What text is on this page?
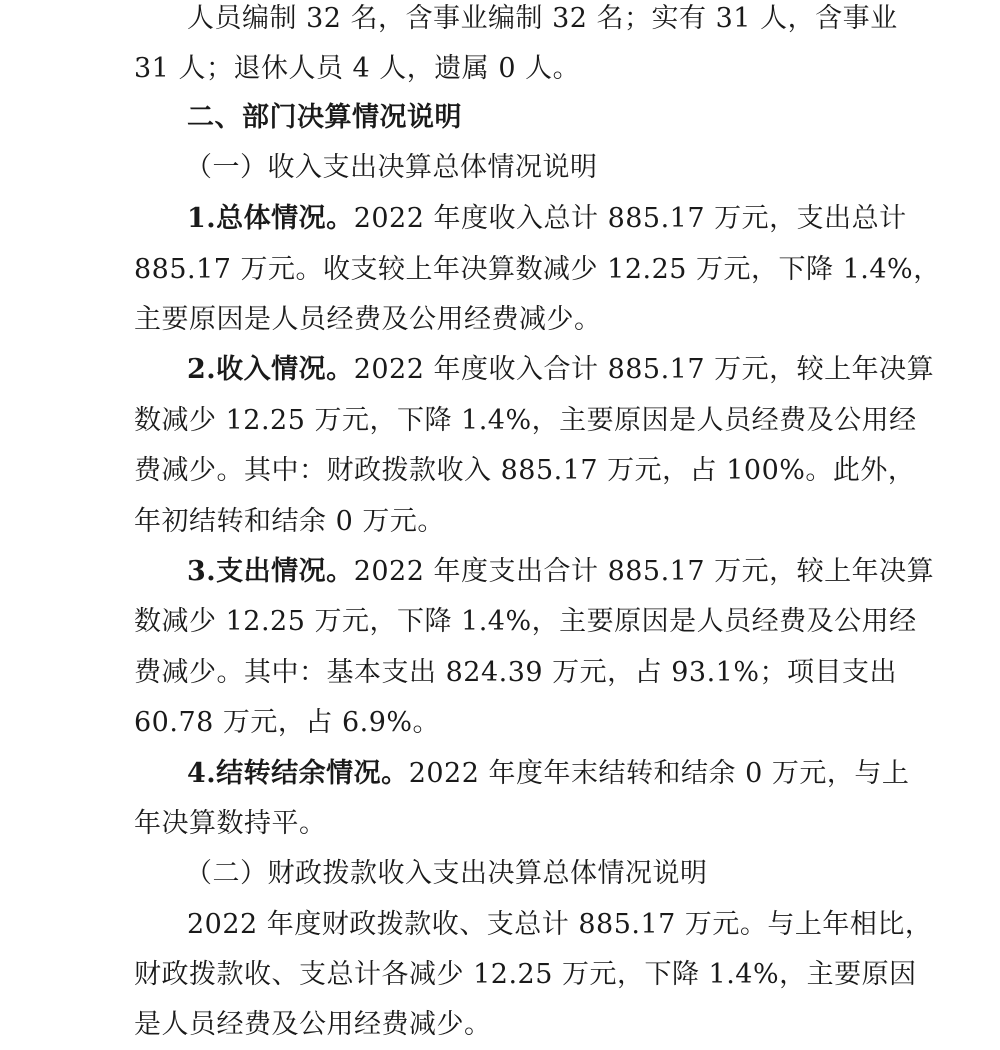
人员编制 32 名，含事业编制 32 名；实有 31 人，含事业
31 人；退休人员 4 人，遗属 0 人。
二、部门决算情况说明
（一）收入支出决算总体情况说明
1.总体情况。2022 年度收入总计 885.17 万元，支出总计
885.17 万元。收支较上年决算数减少 12.25 万元，下降 1.4%，
主要原因是人员经费及公用经费减少。
2.收入情况。2022 年度收入合计 885.17 万元，较上年决算
数减少 12.25 万元，下降 1.4%，主要原因是人员经费及公用经
费减少。其中：财政拨款收入 885.17 万元，占 100%。此外，
年初结转和结余 0 万元。
3.支出情况。2022 年度支出合计 885.17 万元，较上年决算
数减少 12.25 万元，下降 1.4%，主要原因是人员经费及公用经
费减少。其中：基本支出 824.39 万元，占 93.1%；项目支出
60.78 万元，占 6.9%。
4.结转结余情况。2022 年度年末结转和结余 0 万元，与上
年决算数持平。
（二）财政拨款收入支出决算总体情况说明
2022 年度财政拨款收、支总计 885.17 万元。与上年相比，
财政拨款收、支总计各减少 12.25 万元，下降 1.4%，主要原因
是人员经费及公用经费减少。
